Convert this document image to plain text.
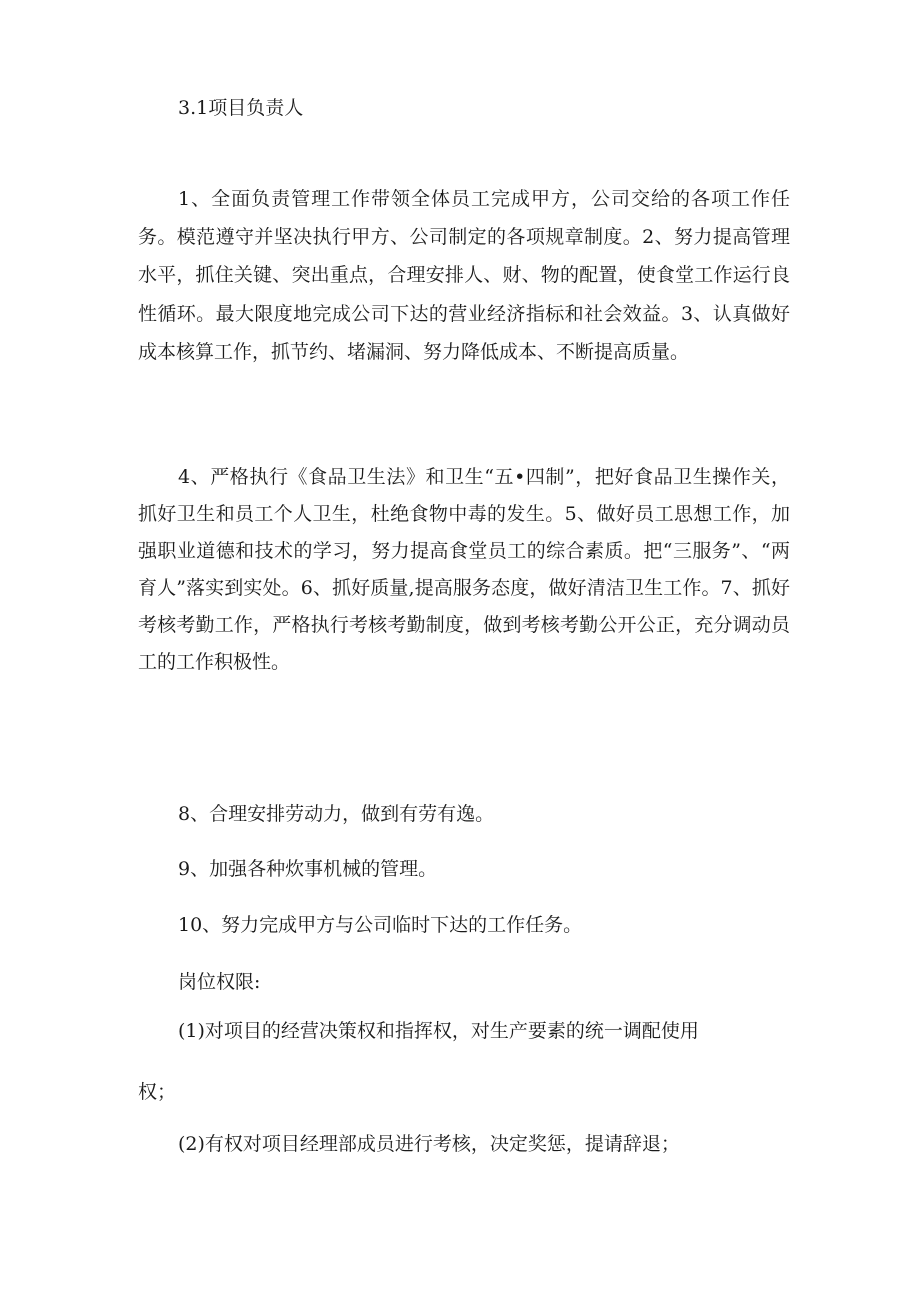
3.1项目负责人

1、全面负责管理工作带领全体员工完成甲方，公司交给的各项工作任务。模范遵守并坚决执行甲方、公司制定的各项规章制度。2、努力提高管理水平，抓住关键、突出重点，合理安排人、财、物的配置，使食堂工作运行良性循环。最大限度地完成公司下达的营业经济指标和社会效益。3、认真做好成本核算工作，抓节约、堵漏洞、努力降低成本、不断提高质量。

4、严格执行《食品卫生法》和卫生“五•四制”，把好食品卫生操作关，抓好卫生和员工个人卫生，杜绝食物中毒的发生。5、做好员工思想工作，加强职业道德和技术的学习，努力提高食堂员工的综合素质。把“三服务”、“两育人”落实到实处。6、抓好质量,提高服务态度，做好清洁卫生工作。7、抓好考核考勤工作，严格执行考核考勤制度，做到考核考勤公开公正，充分调动员工的工作积极性。

8、合理安排劳动力，做到有劳有逸。

9、加强各种炊事机械的管理。

10、努力完成甲方与公司临时下达的工作任务。

岗位权限:

(1)对项目的经营决策权和指挥权，对生产要素的统一调配使用

权；

(2)有权对项目经理部成员进行考核，决定奖惩，提请辞退；
